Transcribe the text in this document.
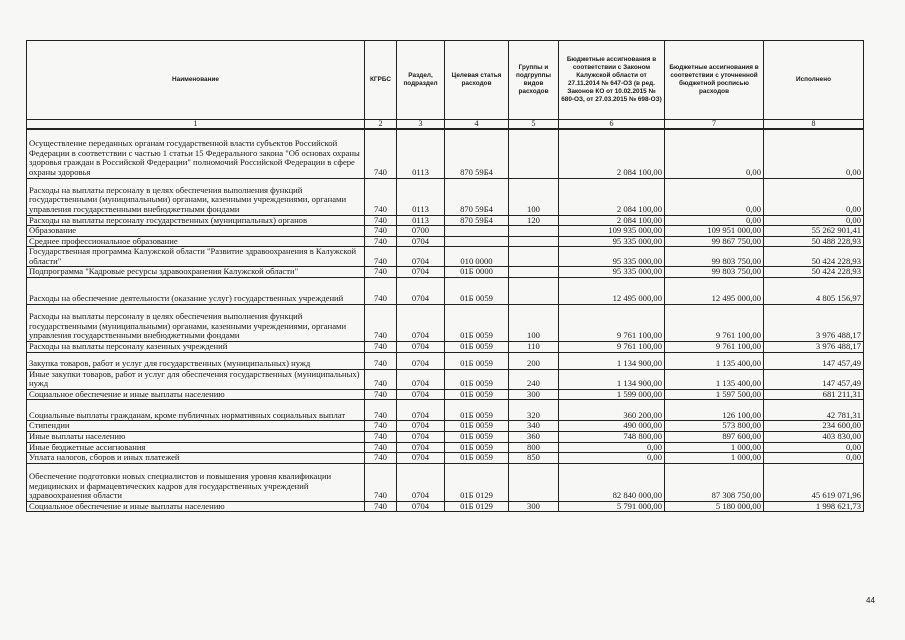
Наименование	КГРБС	Раздел, подраздел	Целевая статья расходов	Группы и подгруппы видов расходов	Бюджетные ассигнования в соответствии с Законом Калужской области от 27.11.2014 № 647-ОЗ (в ред. Законов КО от 10.02.2015 № 680-ОЗ, от 27.03.2015 № 698-ОЗ)	Бюджетные ассигнования в соответствии с уточненной бюджетной росписью расходов	Исполнено
1	2	3	4	5	6	7	8
Осуществление переданных органам государственной власти субъектов Российской Федерации в соответствии с частью 1 статьи 15 Федерального закона "Об основах охраны здоровья граждан в Российской Федерации" полномочий Российской Федерации в сфере охраны здоровья	740	0113	870 59Б4		2 084 100,00	0,00	0,00
Расходы на выплаты персоналу в целях обеспечения выполнения функций государственными (муниципальными) органами, казенными учреждениями, органами управления государственными внебюджетными фондами	740	0113	870 59Б4	100	2 084 100,00	0,00	0,00
Расходы на выплаты персоналу государственных (муниципальных) органов	740	0113	870 59Б4	120	2 084 100,00	0,00	0,00
Образование	740	0700			109 935 000,00	109 951 000,00	55 262 901,41
Среднее профессиональное образование	740	0704			95 335 000,00	99 867 750,00	50 488 228,93
Государственная программа Калужской области "Развитие здравоохранения в Калужской области"	740	0704	010 0000		95 335 000,00	99 803 750,00	50 424 228,93
Подпрограмма "Кадровые ресурсы здравоохранения Калужской области"	740	0704	01Б 0000		95 335 000,00	99 803 750,00	50 424 228,93
Расходы на обеспечение деятельности (оказание услуг) государственных учреждений	740	0704	01Б 0059		12 495 000,00	12 495 000,00	4 805 156,97
Расходы на выплаты персоналу в целях обеспечения выполнения функций государственными (муниципальными) органами, казенными учреждениями, органами управления государственными внебюджетными фондами	740	0704	01Б 0059	100	9 761 100,00	9 761 100,00	3 976 488,17
Расходы на выплаты персоналу казенных учреждений	740	0704	01Б 0059	110	9 761 100,00	9 761 100,00	3 976 488,17
Закупка товаров, работ и услуг для государственных (муниципальных) нужд	740	0704	01Б 0059	200	1 134 900,00	1 135 400,00	147 457,49
Иные закупки товаров, работ и услуг для обеспечения государственных (муниципальных) нужд	740	0704	01Б 0059	240	1 134 900,00	1 135 400,00	147 457,49
Социальное обеспечение и иные выплаты населению	740	0704	01Б 0059	300	1 599 000,00	1 597 500,00	681 211,31
Социальные выплаты гражданам, кроме публичных нормативных социальных выплат	740	0704	01Б 0059	320	360 200,00	126 100,00	42 781,31
Стипендии	740	0704	01Б 0059	340	490 000,00	573 800,00	234 600,00
Иные выплаты населению	740	0704	01Б 0059	360	748 800,00	897 600,00	403 830,00
Иные бюджетные ассигнования	740	0704	01Б 0059	800	0,00	1 000,00	0,00
Уплата налогов, сборов и иных платежей	740	0704	01Б 0059	850	0,00	1 000,00	0,00
Обеспечение подготовки новых специалистов и повышения уровня квалификации медицинских и фармацевтических кадров для государственных учреждений здравоохранения области	740	0704	01Б 0129		82 840 000,00	87 308 750,00	45 619 071,96
Социальное обеспечение и иные выплаты населению	740	0704	01Б 0129	300	5 791 000,00	5 180 000,00	1 998 621,73
44
